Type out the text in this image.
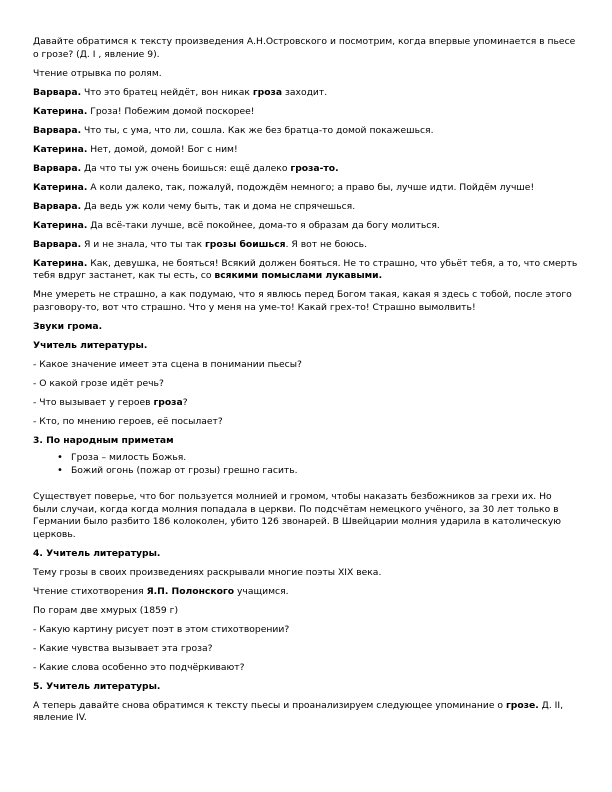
Давайте обратимся к тексту произведения А.Н.Островского и посмотрим, когда впервые упоминается в пьесе о грозе? (Д. I , явление 9).

Чтение отрывка по ролям.

Варвара. Что это братец нейдёт, вон никак гроза заходит.

Катерина. Гроза! Побежим домой поскорее!

Варвара. Что ты, с ума, что ли, сошла. Как же без братца-то домой покажешься.

Катерина. Нет, домой, домой! Бог с ним!

Варвара. Да что ты уж очень боишься: ещё далеко гроза-то.

Катерина. А коли далеко, так, пожалуй, подождём немного; а право бы, лучше идти. Пойдём лучше!

Варвара. Да ведь уж коли чему быть, так и дома не спрячешься.

Катерина. Да всё-таки лучше, всё покойнее, дома-то я образам да богу молиться.

Варвара. Я и не знала, что ты так грозы боишься. Я вот не боюсь.

Катерина. Как, девушка, не бояться! Всякий должен бояться. Не то страшно, что убьёт тебя, а то, что смерть тебя вдруг застанет, как ты есть, со всякими помыслами лукавыми.

Мне умереть не страшно, а как подумаю, что я явлюсь перед Богом такая, какая я здесь с тобой, после этого разговору-то, вот что страшно. Что у меня на уме-то! Какай грех-то! Страшно вымолвить!

Звуки грома.

Учитель литературы.

- Какое значение имеет эта сцена в понимании пьесы?

- О какой грозе идёт речь?

- Что вызывает у героев гроза?

- Кто, по мнению героев, её посылает?

3. По народным приметам

• Гроза – милость Божья.
• Божий огонь (пожар от грозы) грешно гасить.

Существует поверье, что бог пользуется молнией и громом, чтобы наказать безбожников за грехи их. Но были случаи, когда когда молния попадала в церкви. По подсчётам немецкого учёного, за 30 лет только в Германии было разбито 186 колоколен, убито 126 звонарей. В Швейцарии молния ударила в католическую церковь.

4. Учитель литературы.

Тему грозы в своих произведениях раскрывали многие поэты XIX века.

Чтение стихотворения Я.П. Полонского учащимся.

По горам две хмурых (1859 г)

- Какую картину рисует поэт в этом стихотворении?

- Какие чувства вызывает эта гроза?

- Какие слова особенно это подчёркивают?

5. Учитель литературы.

А теперь давайте снова обратимся к тексту пьесы и проанализируем следующее упоминание о грозе. Д. II, явление IV.
